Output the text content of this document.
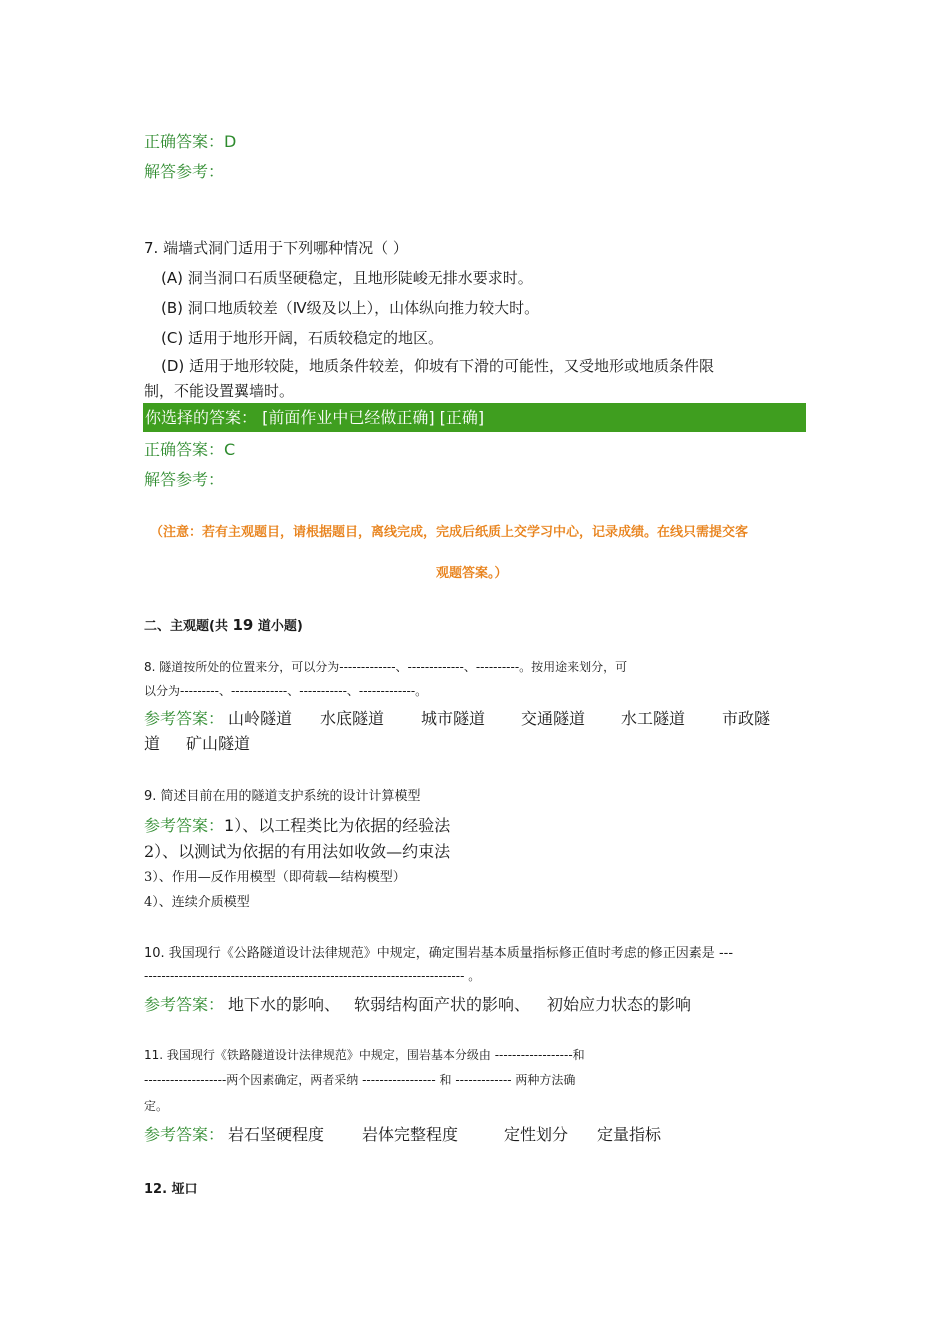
正确答案：D
解答参考：
7. 端墙式洞门适用于下列哪种情况（ ）
(A) 洞当洞口石质坚硬稳定，且地形陡峻无排水要求时。
(B) 洞口地质较差（Ⅳ级及以上），山体纵向推力较大时。
(C) 适用于地形开阔，石质较稳定的地区。
(D) 适用于地形较陡，地质条件较差，仰坡有下滑的可能性，又受地形或地质条件限
制，不能设置翼墙时。
你选择的答案： [前面作业中已经做正确] [正确]
正确答案：C
解答参考：
（注意：若有主观题目，请根据题目，离线完成，完成后纸质上交学习中心，记录成绩。在线只需提交客
观题答案。）
二、主观题(共 19 道小题)
8. 隧道按所处的位置来分，可以分为-------------、-------------、----------。按用途来划分，可
以分为---------、-------------、-----------、-------------。
参考答案： 山岭隧道 水底隧道 城市隧道 交通隧道 水工隧道 市政隧
道 矿山隧道
9. 简述目前在用的隧道支护系统的设计计算模型
参考答案：1）、以工程类比为依据的经验法
2）、以测试为依据的有用法如收敛—约束法
3）、作用—反作用模型（即荷载—结构模型）
4）、连续介质模型
10. 我国现行《公路隧道设计法律规范》中规定，确定围岩基本质量指标修正值时考虑的修正因素是 ---
-------------------------------------------------------------------------- 。
参考答案： 地下水的影响、 软弱结构面产状的影响、 初始应力状态的影响
11. 我国现行《铁路隧道设计法律规范》中规定，围岩基本分级由 ------------------和
-------------------两个因素确定，两者采纳 ----------------- 和 ------------- 两种方法确
定。
参考答案： 岩石坚硬程度 岩体完整程度	定性划分 定量指标
12. 垭口
